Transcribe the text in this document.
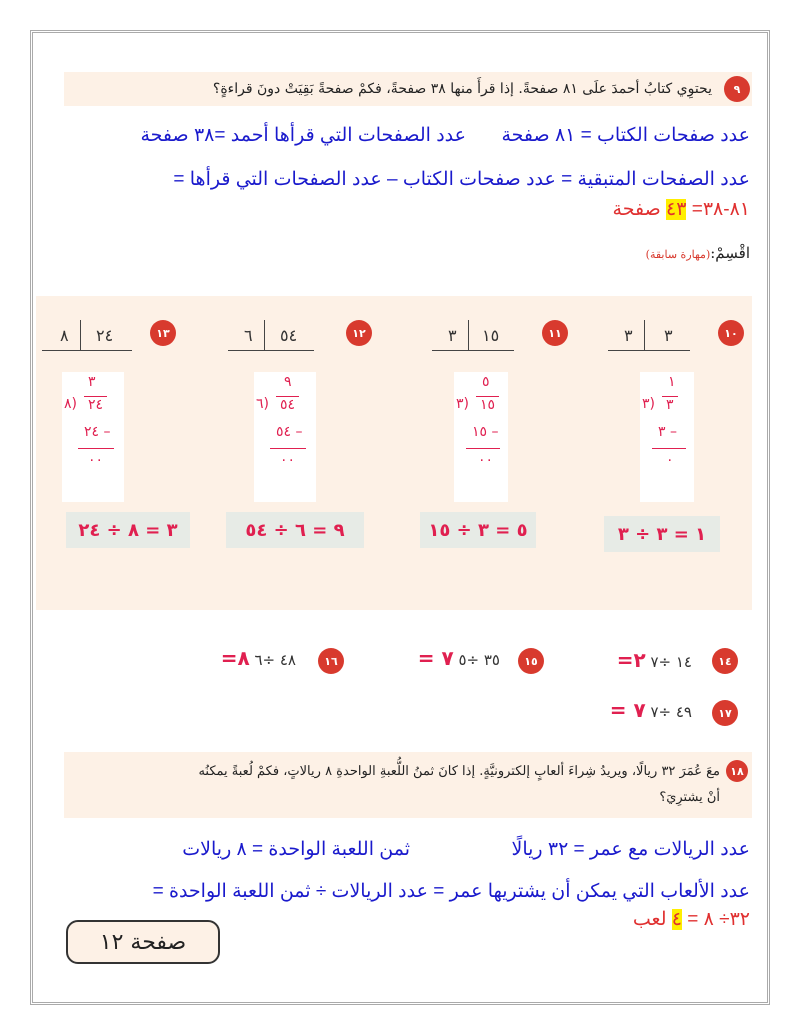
٩
يحتوِي كتابُ أحمدَ علَى ٨١ صفحةً. إذا قرأَ منها ٣٨ صفحةً، فكمْ صفحةً بَقِيَتْ دونَ قراءةٍ؟
عدد صفحات الكتاب = ٨١ صفحة
عدد الصفحات التي قرأها أحمد =٣٨ صفحة
عدد الصفحات المتبقية = عدد صفحات الكتاب – عدد الصفحات التي قرأها =
٨١-٣٨= ٤٣ صفحة
اقْسِمْ:(مهارة سابقة)
١٠
٣ ٣
١
٣) ٣
٣ –
٠
١ = ٣ ÷ ٣
١١
٣ ١٥
٥
٣) ١٥
١٥ –
٠٠
٥ = ٣ ÷ ١٥
١٢
٦ ٥٤
٩
٦) ٥٤
٥٤ –
٠٠
٩ = ٦ ÷ ٥٤
١٣
٨ ٢٤
٣
٨) ٢٤
٢٤ –
٠٠
٣ = ٨ ÷ ٢٤
١٤
١٤ ÷٧ ٢=
١٥
٣٥ ÷٥ ٧ =
١٦
٤٨ ÷٦ ٨=
١٧
٤٩ ÷٧ ٧ =
١٨
معَ عُمَرَ ٣٢ ريالًا، ويريدُ شِراءَ ألعابٍ إلكترونيَّةٍ. إذا كانَ ثمنُ اللُّعبةِ الواحدةِ ٨ ريالاتٍ، فكمْ لُعبةً يمكنُه
أنْ يشترِيَ؟
عدد الريالات مع عمر = ٣٢ ريالًا
ثمن اللعبة الواحدة = ٨ ريالات
عدد الألعاب التي يمكن أن يشتريها عمر = عدد الريالات ÷ ثمن اللعبة الواحدة =
٣٢÷ ٨ = ٤ لعب
صفحة ١٢
